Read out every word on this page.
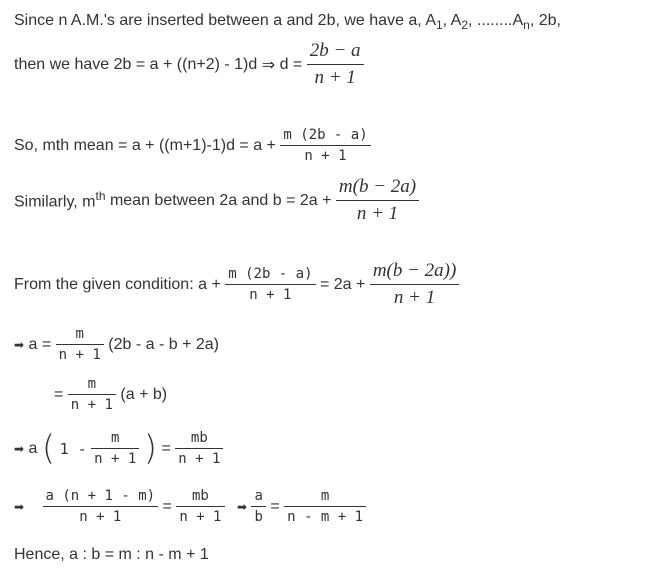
Since n A.M.'s are inserted between a and 2b, we have a, $A_1$, $A_2$, $........A_n$, 2b,
then we have 2b = a + ((n+2) - 1)d ⇒ $d = \frac{2b - a}{n + 1}$
So, mth mean = $a + ((m+1)-1)d = a + \frac{m (2b - a)}{n + 1}$
Similarly, $m^{th}$ mean between 2a and $b = 2a + \frac{m(b - 2a)}{n + 1}$
From the given condition: $a + \frac{m (2b - a)}{n + 1} = 2a + \frac{m(b - 2a))}{n + 1}$
➡ $a = \frac{m}{n + 1} (2b - a - b + 2a)$
= $\frac{m}{n + 1} (a + b)$
➡ a ( $1 - \frac{m}{n + 1}$ ) = $\frac{mb}{n + 1}$
➡ $\frac{a (n + 1 - m)}{n + 1} = \frac{mb}{n + 1}$ ➡ $\frac{a}{b} = \frac{m}{n - m + 1}$
Hence, a : b = m : n - m + 1
